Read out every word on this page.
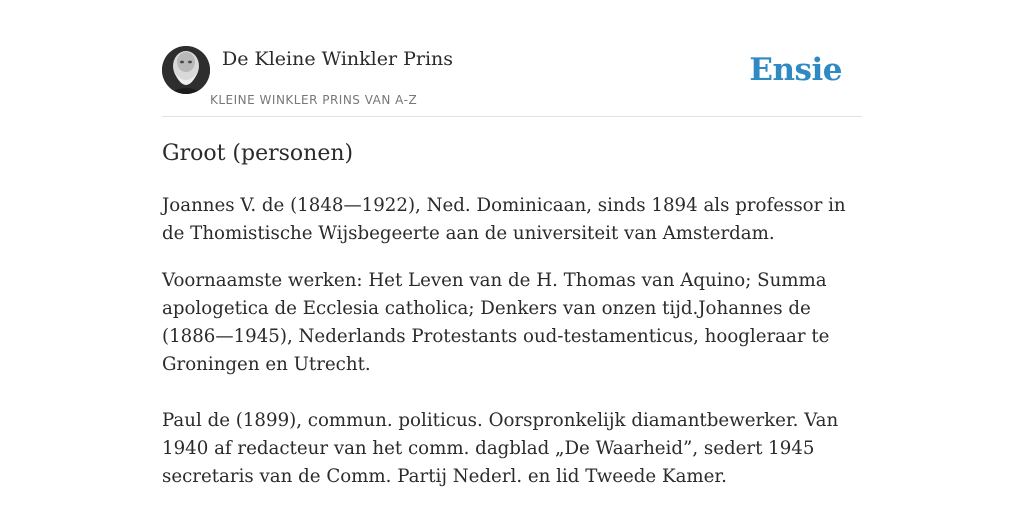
De Kleine Winkler Prins
KLEINE WINKLER PRINS VAN A-Z
Ensie
Groot (personen)

Joannes V. de (1848—1922), Ned. Dominicaan, sinds 1894 als professor in de Thomistische Wijsbegeerte aan de universiteit van Amsterdam.

Voornaamste werken: Het Leven van de H. Thomas van Aquino; Summa apologetica de Ecclesia catholica; Denkers van onzen tijd.Johannes de (1886—1945), Nederlands Protestants oud-testamenticus, hoogleraar te Groningen en Utrecht.

Paul de (1899), commun. politicus. Oorspronkelijk diamantbewerker. Van 1940 af redacteur van het comm. dagblad „De Waarheid”, sedert 1945 secretaris van de Comm. Partij Nederl. en lid Tweede Kamer.
